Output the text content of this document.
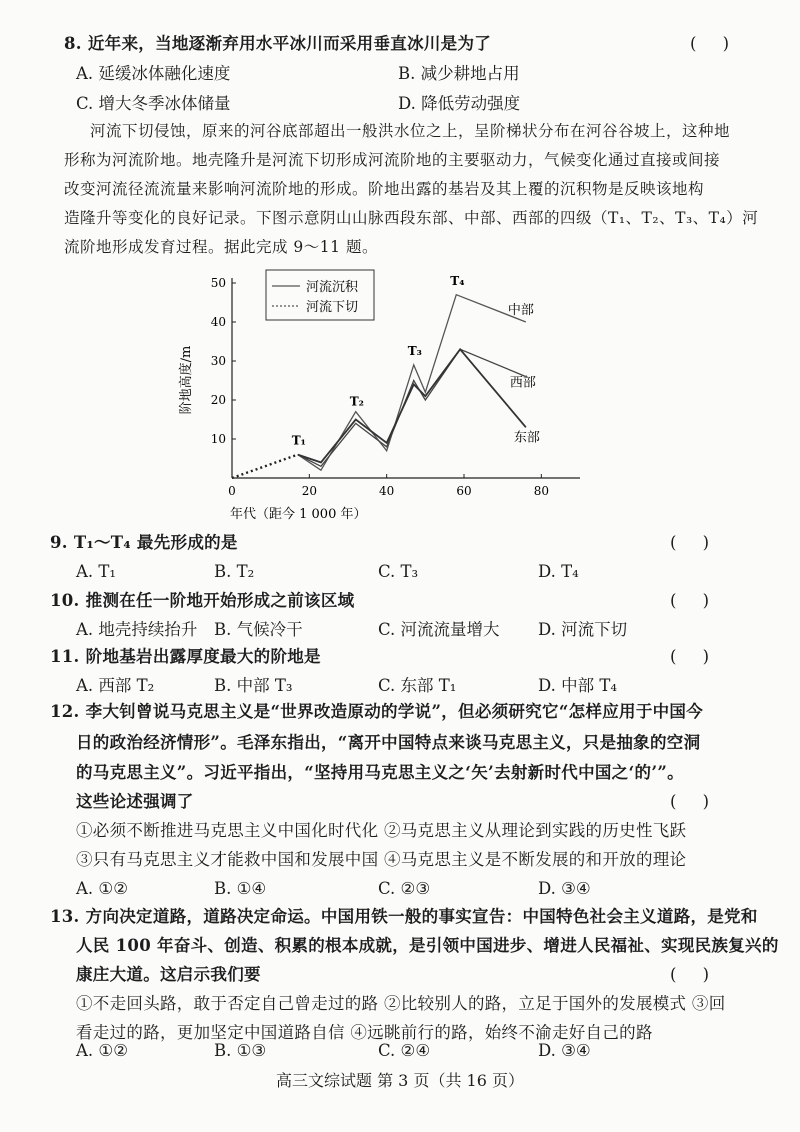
8. 近年来，当地逐渐弃用水平冰川而采用垂直冰川是为了	(     )
A. 延缓冰体融化速度	B. 减少耕地占用
C. 增大冬季冰体储量	D. 降低劳动强度
河流下切侵蚀，原来的河谷底部超出一般洪水位之上，呈阶梯状分布在河谷谷坡上，这种地
形称为河流阶地。地壳隆升是河流下切形成河流阶地的主要驱动力，气候变化通过直接或间接
改变河流径流流量来影响河流阶地的形成。阶地出露的基岩及其上覆的沉积物是反映该地构
造隆升等变化的良好记录。下图示意阴山山脉西段东部、中部、西部的四级（T₁、T₂、T₃、T₄）河
流阶地形成发育过程。据此完成 9～11 题。
0	20	40	60	80
10
20
30
40
50
中部
西部
东部
T₁
T₂
T₃
T₄
河流沉积
河流下切
年代（距今 1 000 年）
阶地高度/m
9. T₁～T₄ 最先形成的是	(     )
A. T₁	B. T₂	C. T₃	D. T₄
10. 推测在任一阶地开始形成之前该区域	(     )
A. 地壳持续抬升 B. 气候冷干	C. 河流流量增大 D. 河流下切
11. 阶地基岩出露厚度最大的阶地是	(     )
A. 西部 T₂	B. 中部 T₃	C. 东部 T₁	D. 中部 T₄
12. 李大钊曾说马克思主义是“世界改造原动的学说”，但必须研究它“怎样应用于中国今
日的政治经济情形”。毛泽东指出，“离开中国特点来谈马克思主义，只是抽象的空洞
的马克思主义”。习近平指出，“坚持用马克思主义之‘矢’去射新时代中国之‘的’”。
这些论述强调了	(     )
①必须不断推进马克思主义中国化时代化 ②马克思主义从理论到实践的历史性飞跃
③只有马克思主义才能救中国和发展中国 ④马克思主义是不断发展的和开放的理论
A. ①②	B. ①④	C. ②③	D. ③④
13. 方向决定道路，道路决定命运。中国用铁一般的事实宣告：中国特色社会主义道路，是党和
人民 100 年奋斗、创造、积累的根本成就，是引领中国进步、增进人民福祉、实现民族复兴的
康庄大道。这启示我们要	(     )
①不走回头路，敢于否定自己曾走过的路 ②比较别人的路，立足于国外的发展模式 ③回
看走过的路，更加坚定中国道路自信 ④远眺前行的路，始终不渝走好自己的路
A. ①②	B. ①③	C. ②④	D. ③④
高三文综试题 第 3 页（共 16 页）
